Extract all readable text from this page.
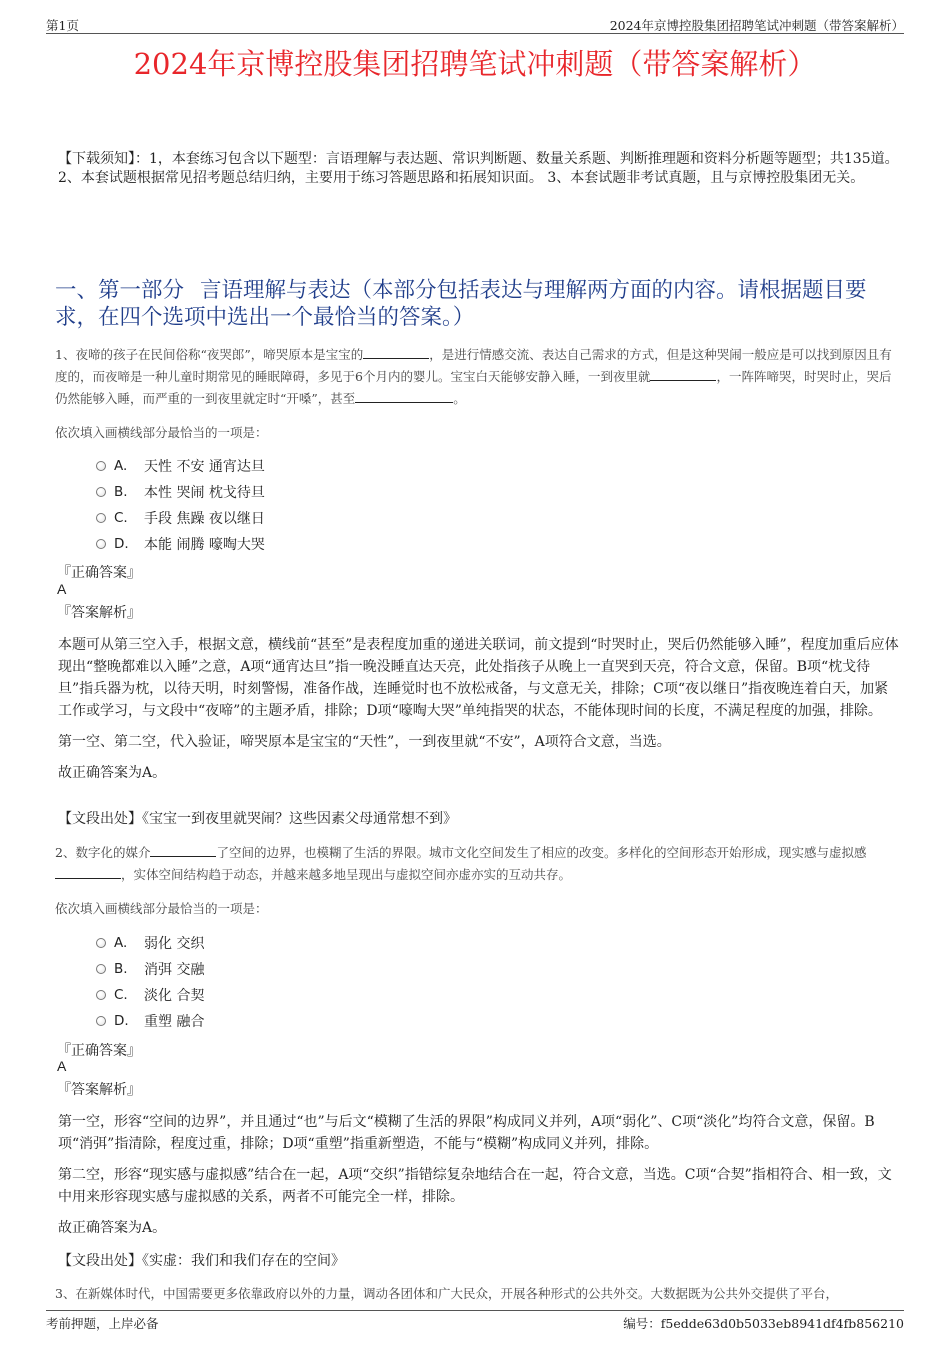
第1页	2024年京博控股集团招聘笔试冲刺题（带答案解析）
2024年京博控股集团招聘笔试冲刺题（带答案解析）
【下载须知】：1，本套练习包含以下题型：言语理解与表达题、常识判断题、数量关系题、判断推理题和资料分析题等题型；共135道。 2、本套试题根据常见招考题总结归纳，主要用于练习答题思路和拓展知识面。 3、本套试题非考试真题，且与京博控股集团无关。
一、第一部分 言语理解与表达（本部分包括表达与理解两方面的内容。请根据题目要求，在四个选项中选出一个最恰当的答案。）
1、夜啼的孩子在民间俗称“夜哭郎”，啼哭原本是宝宝的	，是进行情感交流、表达自己需求的方式，但是这种哭闹一般应是可以找到原因且有度的，而夜啼是一种儿童时期常见的睡眠障碍，多见于6个月内的婴儿。宝宝白天能够安静入睡，一到夜里就	，一阵阵啼哭，时哭时止，哭后仍然能够入睡，而严重的一到夜里就定时“开嗓”，甚至	。
依次填入画横线部分最恰当的一项是：
A.	天性 不安 通宵达旦
B.	本性 哭闹 枕戈待旦
C.	手段 焦躁 夜以继日
D.	本能 闹腾 嚎啕大哭
『正确答案』
A
『答案解析』

本题可从第三空入手，根据文意，横线前“甚至”是表程度加重的递进关联词，前文提到“时哭时止，哭后仍然能够入睡”，程度加重后应体现出“整晚都难以入睡”之意，A项“通宵达旦”指一晚没睡直达天亮，此处指孩子从晚上一直哭到天亮，符合文意，保留。B项“枕戈待旦”指兵器为枕，以待天明，时刻警惕，准备作战，连睡觉时也不放松戒备，与文意无关，排除；C项“夜以继日”指夜晚连着白天，加紧工作或学习，与文段中“夜啼”的主题矛盾，排除；D项“嚎啕大哭”单纯指哭的状态，不能体现时间的长度，不满足程度的加强，排除。

第一空、第二空，代入验证，啼哭原本是宝宝的“天性”，一到夜里就“不安”，A项符合文意，当选。

故正确答案为A。

【文段出处】《宝宝一到夜里就哭闹？这些因素父母通常想不到》
2、数字化的媒介	了空间的边界，也模糊了生活的界限。城市文化空间发生了相应的改变。多样化的空间形态开始形成，现实感与虚拟感，实体空间结构趋于动态，并越来越多地呈现出与虚拟空间亦虚亦实的互动共存。
依次填入画横线部分最恰当的一项是：
A.	弱化 交织
B.	消弭 交融
C.	淡化 合契
D.	重塑 融合
『正确答案』
A
『答案解析』

第一空，形容“空间的边界”，并且通过“也”与后文“模糊了生活的界限”构成同义并列，A项“弱化”、C项“淡化”均符合文意，保留。B项“消弭”指清除，程度过重，排除；D项“重塑”指重新塑造，不能与“模糊”构成同义并列，排除。

第二空，形容“现实感与虚拟感”结合在一起，A项“交织”指错综复杂地结合在一起，符合文意，当选。C项“合契”指相符合、相一致，文中用来形容现实感与虚拟感的关系，两者不可能完全一样，排除。

故正确答案为A。

【文段出处】《实虚：我们和我们存在的空间》
3、在新媒体时代，中国需要更多依靠政府以外的力量，调动各团体和广大民众，开展各种形式的公共外交。大数据既为公共外交提供了平台，
考前押题，上岸必备	编号：f5edde63d0b5033eb8941df4fb856210
